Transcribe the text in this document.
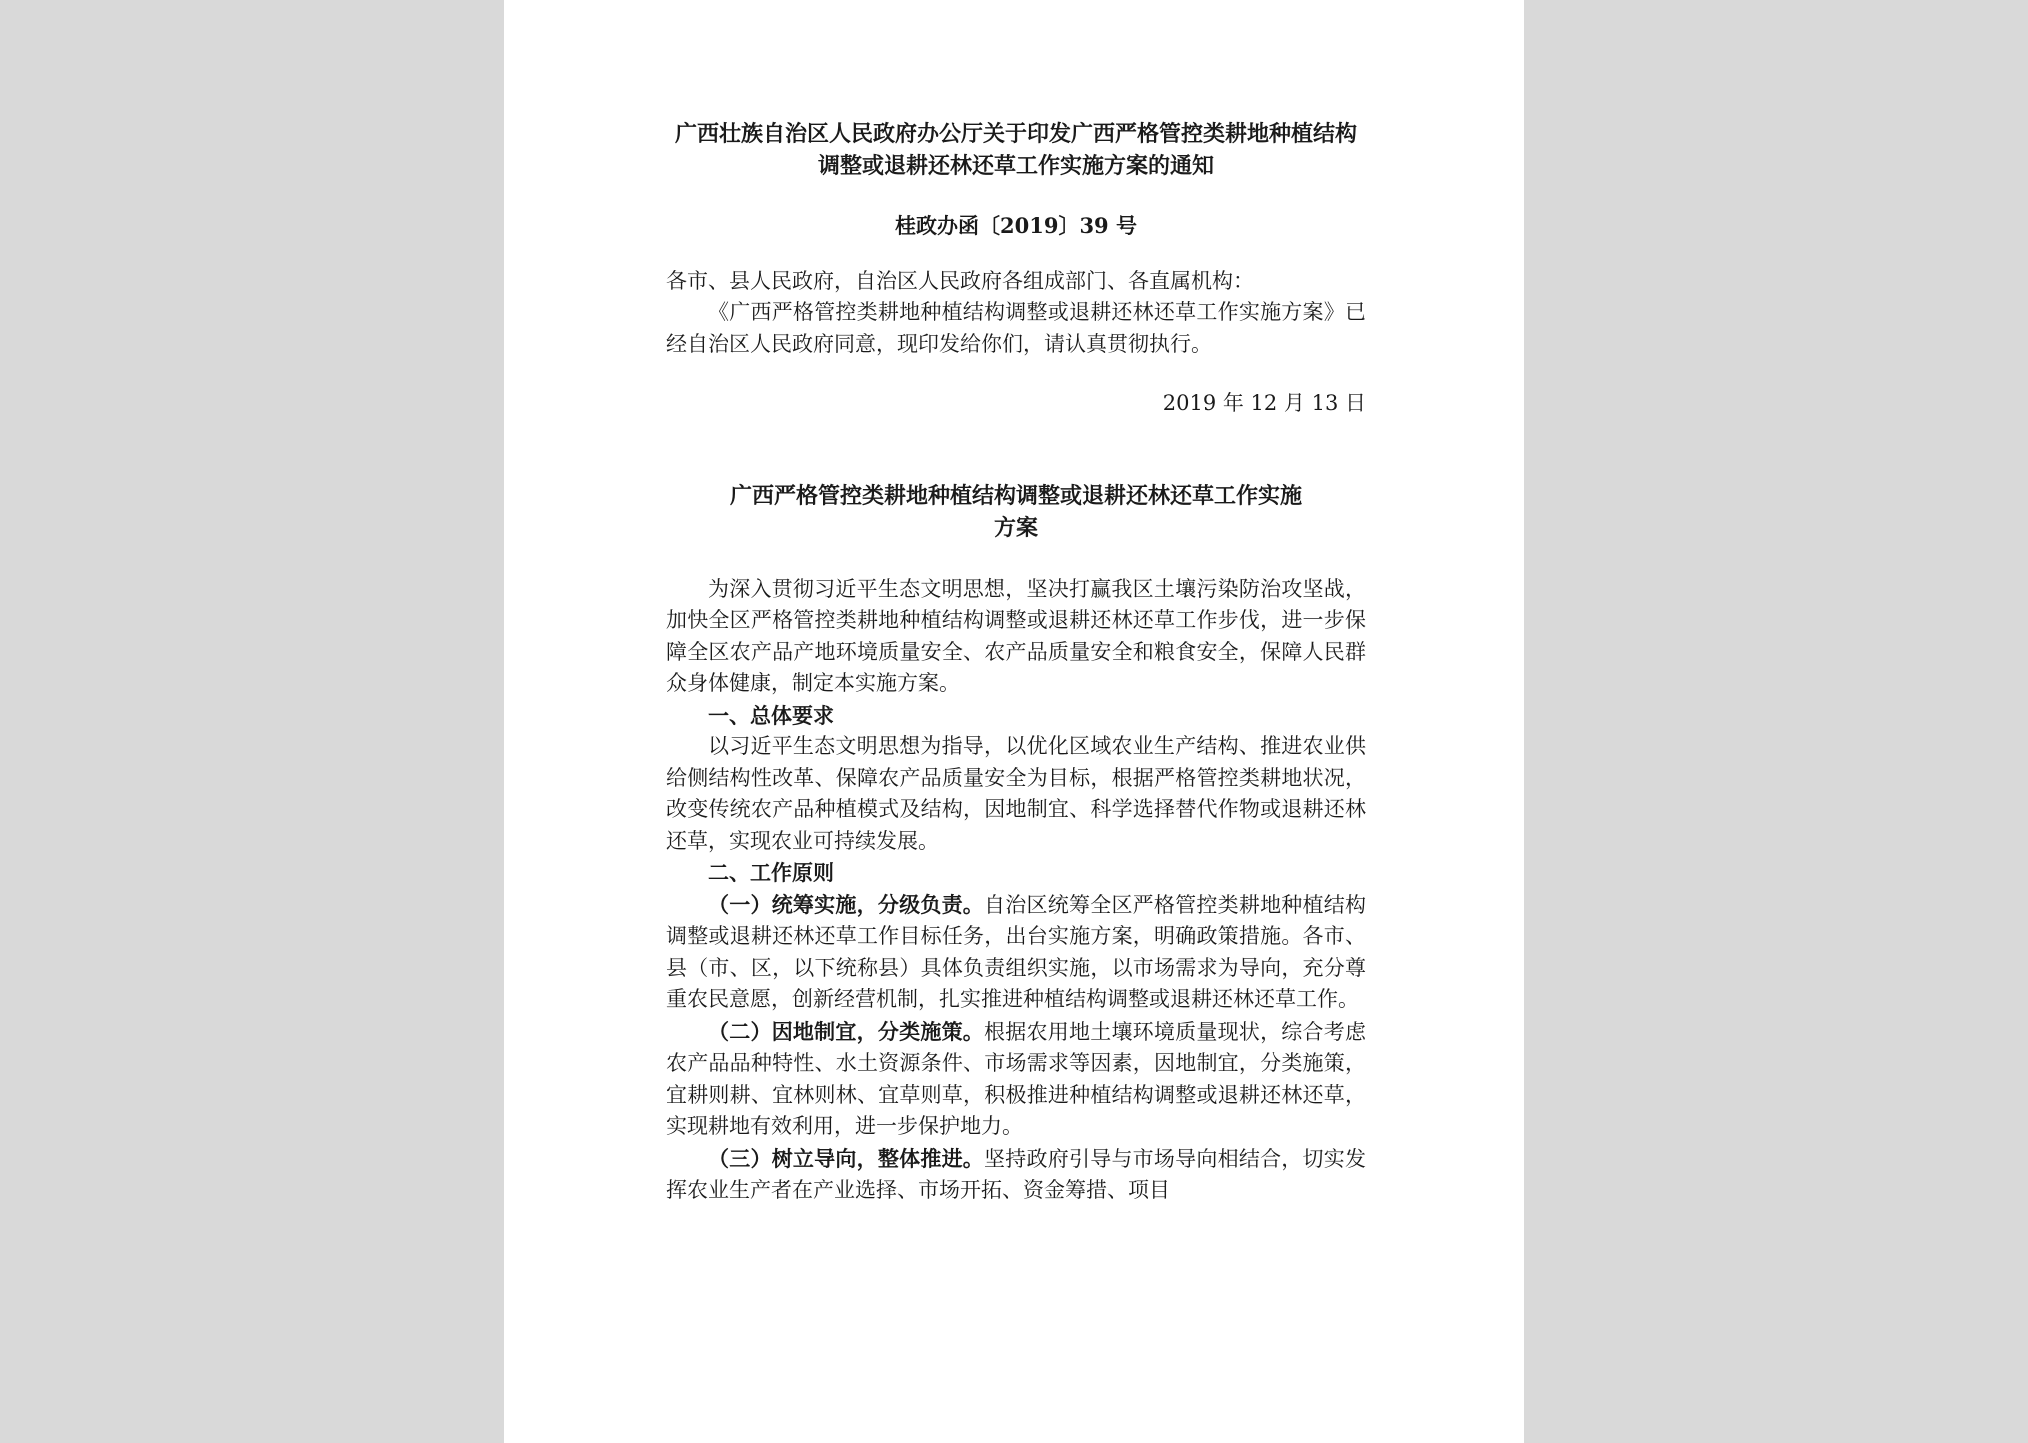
广西壮族自治区人民政府办公厅关于印发广西严格管控类耕地种植结构调整或退耕还林还草工作实施方案的通知
桂政办函〔2019〕39 号

各市、县人民政府，自治区人民政府各组成部门、各直属机构：

《广西严格管控类耕地种植结构调整或退耕还林还草工作实施方案》已经自治区人民政府同意，现印发给你们，请认真贯彻执行。

2019 年 12 月 13 日

广西严格管控类耕地种植结构调整或退耕还林还草工作实施方案

为深入贯彻习近平生态文明思想，坚决打赢我区土壤污染防治攻坚战，加快全区严格管控类耕地种植结构调整或退耕还林还草工作步伐，进一步保障全区农产品产地环境质量安全、农产品质量安全和粮食安全，保障人民群众身体健康，制定本实施方案。

一、总体要求

以习近平生态文明思想为指导，以优化区域农业生产结构、推进农业供给侧结构性改革、保障农产品质量安全为目标，根据严格管控类耕地状况，改变传统农产品种植模式及结构，因地制宜、科学选择替代作物或退耕还林还草，实现农业可持续发展。

二、工作原则

（一）统筹实施，分级负责。自治区统筹全区严格管控类耕地种植结构调整或退耕还林还草工作目标任务，出台实施方案，明确政策措施。各市、县（市、区，以下统称县）具体负责组织实施，以市场需求为导向，充分尊重农民意愿，创新经营机制，扎实推进种植结构调整或退耕还林还草工作。

（二）因地制宜，分类施策。根据农用地土壤环境质量现状，综合考虑农产品品种特性、水土资源条件、市场需求等因素，因地制宜，分类施策，宜耕则耕、宜林则林、宜草则草，积极推进种植结构调整或退耕还林还草，实现耕地有效利用，进一步保护地力。

（三）树立导向，整体推进。坚持政府引导与市场导向相结合，切实发挥农业生产者在产业选择、市场开拓、资金筹措、项目
